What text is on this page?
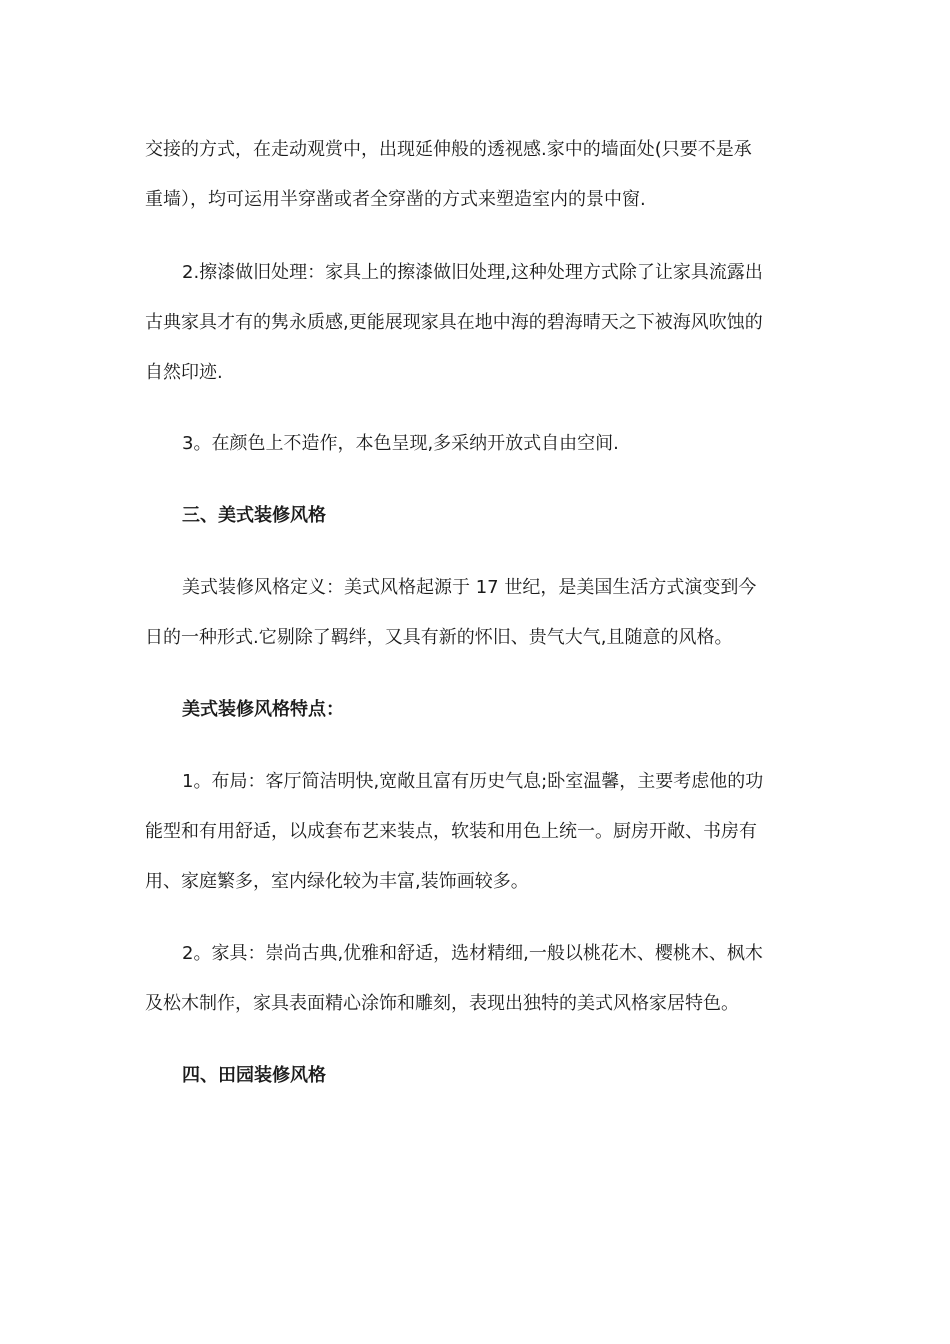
交接的方式，在走动观赏中，出现延伸般的透视感.家中的墙面处(只要不是承
重墙），均可运用半穿凿或者全穿凿的方式来塑造室内的景中窗.
2.擦漆做旧处理：家具上的擦漆做旧处理,这种处理方式除了让家具流露出
古典家具才有的隽永质感,更能展现家具在地中海的碧海晴天之下被海风吹蚀的
自然印迹.
3。在颜色上不造作，本色呈现,多采纳开放式自由空间.
三、美式装修风格
美式装修风格定义：美式风格起源于 17 世纪，是美国生活方式演变到今
日的一种形式.它剔除了羁绊，又具有新的怀旧、贵气大气,且随意的风格。
美式装修风格特点：
1。布局：客厅简洁明快,宽敞且富有历史气息;卧室温馨，主要考虑他的功
能型和有用舒适，以成套布艺来装点，软装和用色上统一。厨房开敞、书房有
用、家庭繁多，室内绿化较为丰富,装饰画较多。
2。家具：崇尚古典,优雅和舒适，选材精细,一般以桃花木、樱桃木、枫木
及松木制作，家具表面精心涂饰和雕刻，表现出独特的美式风格家居特色。
四、田园装修风格
